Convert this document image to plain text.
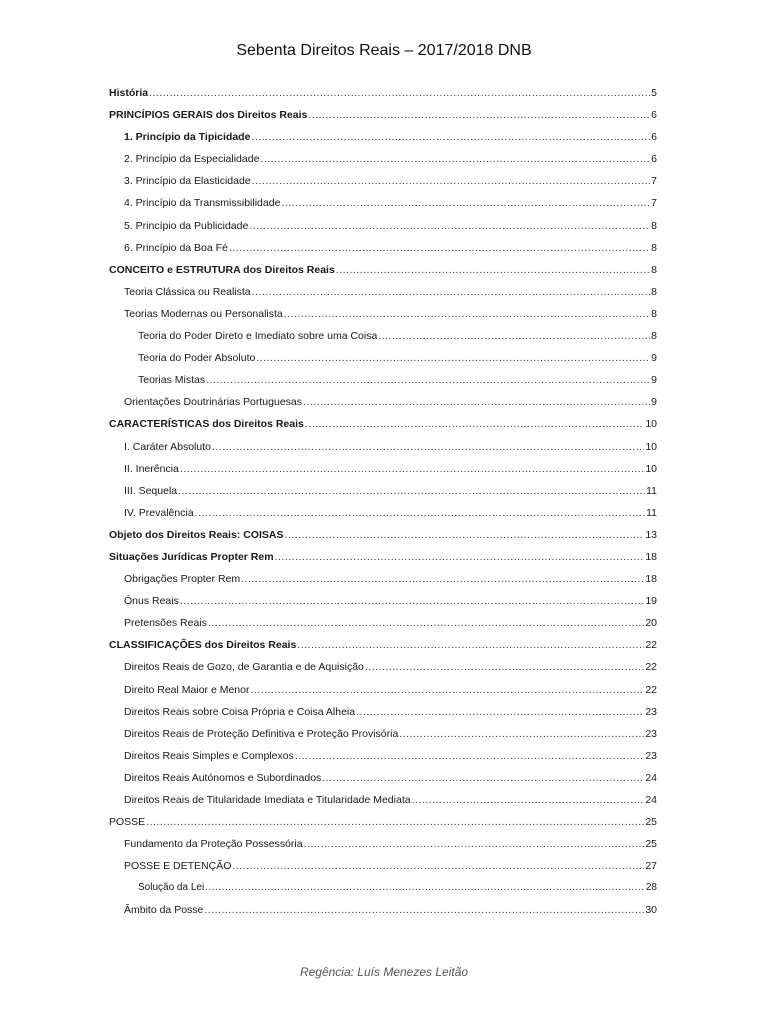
Sebenta Direitos Reais – 2017/2018 DNB
História .....	5
PRINCÍPIOS GERAIS dos Direitos Reais .....	6
1. Princípio da Tipicidade .....	6
2. Princípio da Especialidade .....	6
3. Princípio da Elasticidade .....	7
4. Princípio da Transmissibilidade .....	7
5. Princípio da Publicidade .....	8
6. Princípio da Boa Fé .....	8
CONCEITO e ESTRUTURA dos Direitos Reais .....	8
Teoria Clássica ou Realista .....	8
Teorias Modernas ou Personalista .....	8
Teoria do Poder Direto e Imediato sobre uma Coisa .....	8
Teoria do Poder Absoluto .....	9
Teorias Mistas .....	9
Orientações Doutrinárias Portuguesas .....	9
CARACTERÍSTICAS dos Direitos Reais .....	10
I. Caráter Absoluto .....	10
II. Inerência .....	10
III. Sequela .....	11
IV. Prevalência .....	11
Objeto dos Direitos Reais: COISAS .....	13
Situações Jurídicas Propter Rem .....	18
Obrigações Propter Rem .....	18
Ónus Reais .....	19
Pretensões Reais .....	20
CLASSIFICAÇÕES dos Direitos Reais .....	22
Direitos Reais de Gozo, de Garantia e de Aquisição .....	22
Direito Real Maior e Menor .....	22
Direitos Reais sobre Coisa Própria e Coisa Alheia .....	23
Direitos Reais de Proteção Definitiva e Proteção Provisória .....	23
Direitos Reais Simples e Complexos .....	23
Direitos Reais Autónomos e Subordinados .....	24
Direitos Reais de Titularidade Imediata e Titularidade Mediata .....	24
POSSE .....	25
Fundamento da Proteção Possessória .....	25
POSSE E DETENÇÃO .....	27
Solução da Lei .....	28
Âmbito da Posse .....	30
Regência: Luís Menezes Leitão
